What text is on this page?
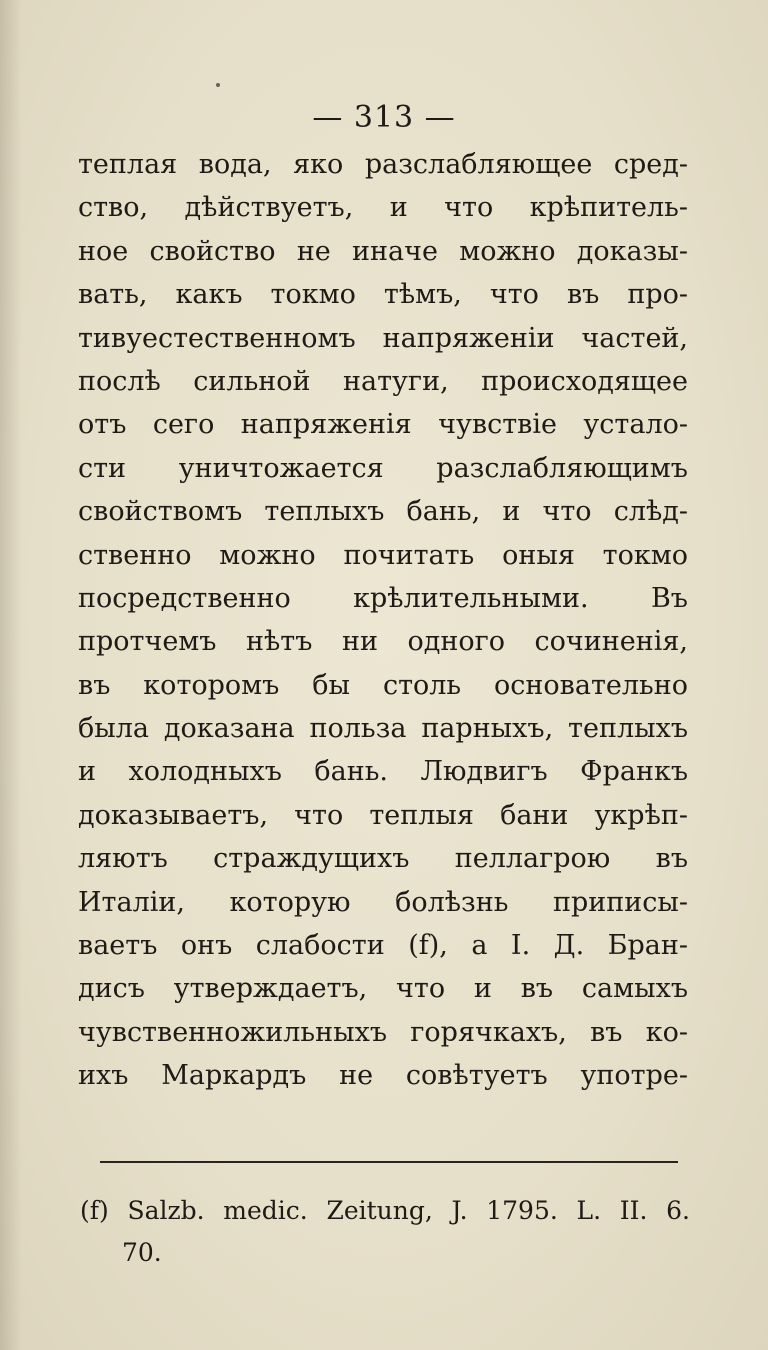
— 313 —
теплая вода, яко разслабляющее сред-
ство, дѣйствуетъ, и что крѣпитель-
ное свойство не иначе можно доказы-
вать, какъ токмо тѣмъ, что въ про-
тивуестественномъ напряженіи частей,
послѣ сильной натуги, происходящее
отъ сего напряженія чувствіе устало-
сти уничтожается разслабляющимъ
свойствомъ теплыхъ бань, и что слѣд-
ственно можно почитать оныя токмо
посредственно крѣлительными. Въ
протчемъ нѣтъ ни одного сочиненія,
въ которомъ бы столь основательно
была доказана польза парныхъ, теплыхъ
и холодныхъ бань. Людвигъ Франкъ
доказываетъ, что теплыя бани укрѣп-
ляютъ страждущихъ пеллагрою въ
Италіи, которую болѣзнь приписы-
ваетъ онъ слабости (f), а I. Д. Бран-
дисъ утверждаетъ, что и въ самыхъ
чувственножильныхъ горячкахъ, въ ко-
ихъ Маркардъ не совѣтуетъ употре-
(f) Salzb. medic. Zeitung, J. 1795. L. II. 6.
70.
